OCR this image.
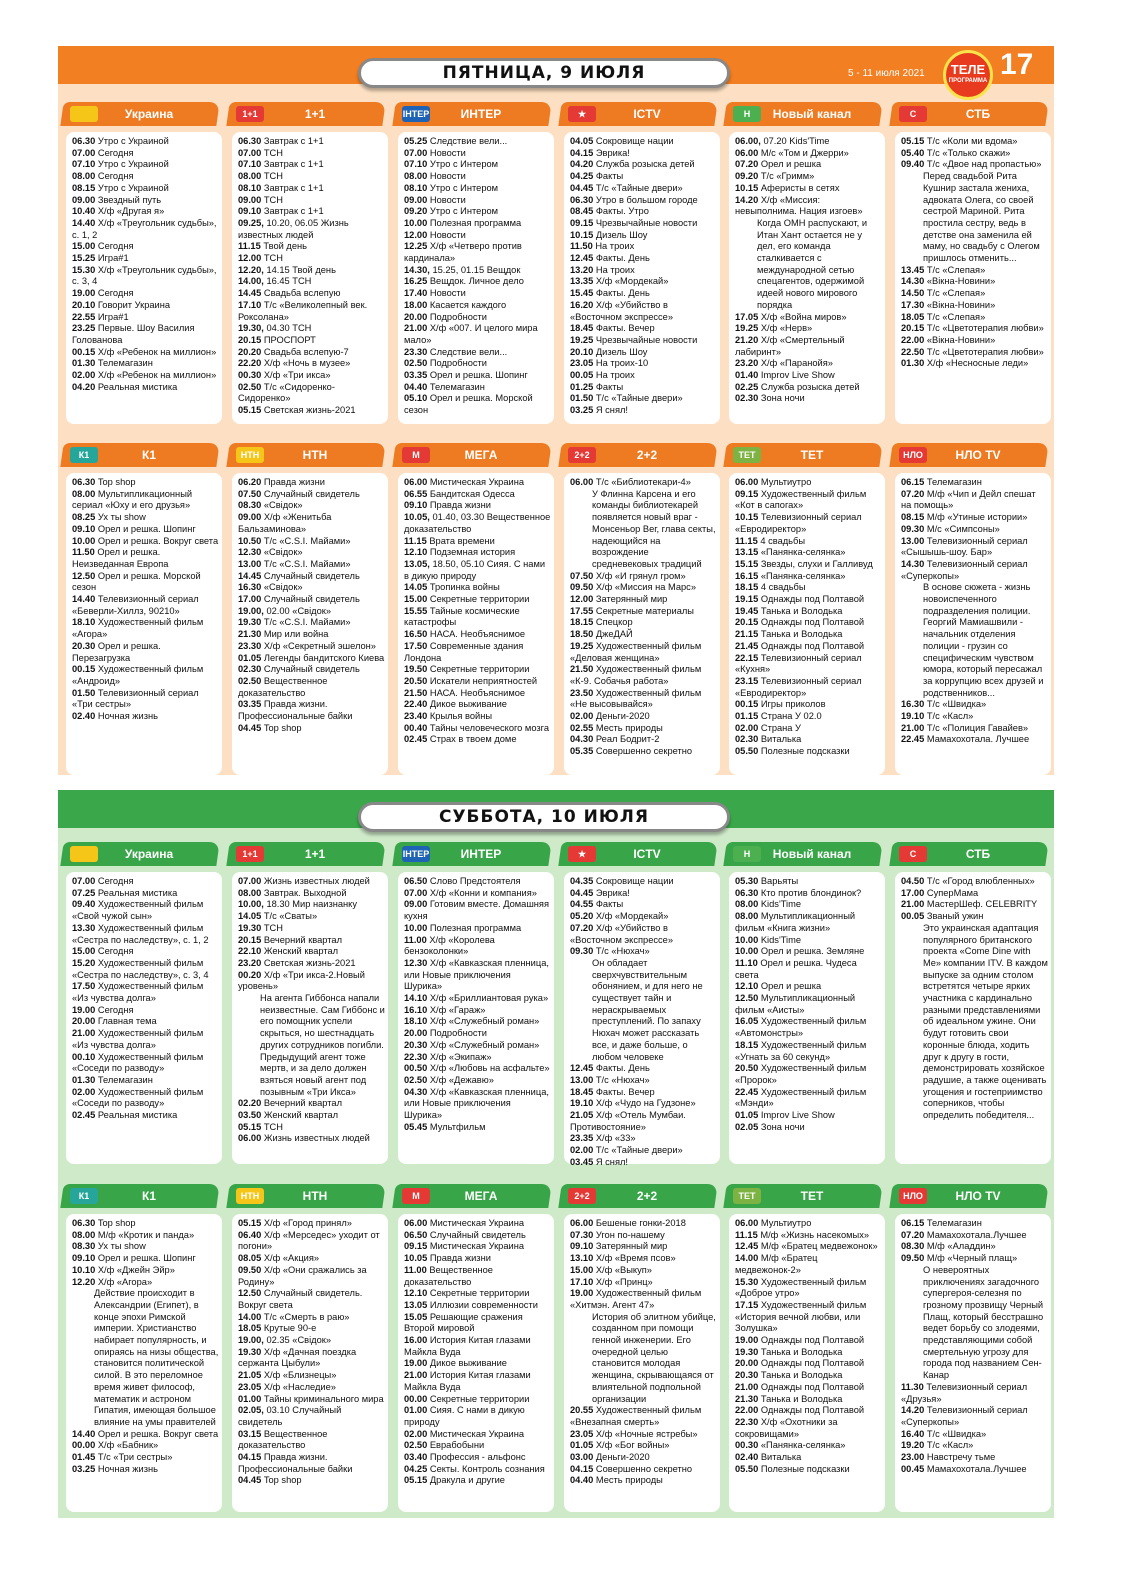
ПЯТНИЦА, 9 ИЮЛЯ	5 - 11 июля 2021	ТЕЛЕ
ПРОГРАММА 17
Украина
06.30 Утро с Украиной
07.00 Сегодня
07.10 Утро с Украиной
08.00 Сегодня
08.15 Утро с Украиной
09.00 Звездный путь
10.40 Х/ф «Другая я»
14.40 Х/ф «Треугольник судьбы», с. 1, 2
15.00 Сегодня
15.25 Игра#1
15.30 Х/ф «Треугольник судьбы», с. 3, 4
19.00 Сегодня
20.10 Говорит Украина
22.55 Игра#1
23.25 Первые. Шоу Василия Голованова
00.15 Х/ф «Ребенок на миллион»
01.30 Телемагазин
02.00 Х/ф «Ребенок на миллион»
04.20 Реальная мистика
1+1	1+1
06.30 Завтрак с 1+1
07.00 ТСН
07.10 Завтрак с 1+1
08.00 ТСН
08.10 Завтрак с 1+1
09.00 ТСН
09.10 Завтрак с 1+1
09.25, 10.20, 06.05 Жизнь известных людей
11.15 Твой день
12.00 ТСН
12.20, 14.15 Твой день
14.00, 16.45 ТСН
14.45 Свадьба вслепую
17.10 Т/с «Великолепный век. Роксолана»
19.30, 04.30 ТСН
20.15 ПРОСПОРТ
20.20 Свадьба вслепую-7
22.20 Х/ф «Ночь в музее»
00.30 Х/ф «Три икса»
02.50 Т/с «Сидоренко-Сидоренко»
05.15 Светская жизнь-2021
ІНТЕР	ИНТЕР
05.25 Следствие вели...
07.00 Новости
07.10 Утро с Интером
08.00 Новости
08.10 Утро с Интером
09.00 Новости
09.20 Утро с Интером
10.00 Полезная программа
12.00 Новости
12.25 Х/ф «Четверо против кардинала»
14.30, 15.25, 01.15 Вещдок
16.25 Вещдок. Личное дело
17.40 Новости
18.00 Касается каждого
20.00 Подробности
21.00 Х/ф «007. И целого мира мало»
23.30 Следствие вели...
02.50 Подробности
03.35 Орел и решка. Шопинг
04.40 Телемагазин
05.10 Орел и решка. Морской сезон
★	ICTV
04.05 Сокровище нации
04.15 Эврика!
04.20 Служба розыска детей
04.25 Факты
04.45 Т/с «Тайные двери»
06.30 Утро в большом городе
08.45 Факты. Утро
09.15 Чрезвычайные новости
10.15 Дизель Шоу
11.50 На троих
12.45 Факты. День
13.20 На троих
13.35 Х/ф «Мордекай»
15.45 Факты. День
16.20 Х/ф «Убийство в «Восточном экспрессе»
18.45 Факты. Вечер
19.25 Чрезвычайные новости
20.10 Дизель Шоу
23.05 На троих-10
00.05 На троих
01.25 Факты
01.50 Т/с «Тайные двери»
03.25 Я снял!
Н	Новый канал
06.00, 07.20 Kids'Time
06.00 М/с «Том и Джерри»
07.20 Орел и решка
09.20 Т/с «Гримм»
10.15 Аферисты в сетях
14.20 Х/ф «Миссия: невыполнима. Нация изгоев»
Когда ОМН распускают, и Итан Хант остается не у дел, его команда сталкивается с международной сетью спецагентов, одержимой идеей нового мирового порядка
17.05 Х/ф «Война миров»
19.25 Х/ф «Нерв»
21.20 Х/ф «Смертельный лабиринт»
23.20 Х/ф «Паранойя»
01.40 Improv Live Show
02.25 Служба розыска детей
02.30 Зона ночи
С	СТБ
05.15 Т/с «Коли ми вдома»
05.40 Т/с «Только скажи»
09.40 Т/с «Двое над пропастью»
Перед свадьбой Рита Кушнир застала жениха, адвоката Олега, со своей сестрой Мариной. Рита простила сестру, ведь в детстве она заменила ей маму, но свадьбу с Олегом пришлось отменить...
13.45 Т/с «Слепая»
14.30 «Вікна-Новини»
14.50 Т/с «Слепая»
17.30 «Вікна-Новини»
18.05 Т/с «Слепая»
20.15 Т/с «Цветотерапия любви»
22.00 «Вікна-Новини»
22.50 Т/с «Цветотерапия любви»
01.30 Х/ф «Несносные леди»
К1	К1
06.30 Top shop
08.00 Мультипликационный сериал «Юху и его друзья»
08.25 Ух ты show
09.10 Орел и решка. Шопинг
10.00 Орел и решка. Вокруг света
11.50 Орел и решка. Неизведанная Европа
12.50 Орел и решка. Морской сезон
14.40 Телевизионный сериал «Беверли-Хиллз, 90210»
18.10 Художественный фильм «Агора»
20.30 Орел и решка. Перезагрузка
00.15 Художественный фильм «Андроид»
01.50 Телевизионный сериал «Три сестры»
02.40 Ночная жизнь
НТН	НТН
06.20 Правда жизни
07.50 Случайный свидетель
08.30 «Свідок»
09.00 Х/ф «Женитьба Бальзаминова»
10.50 Т/с «C.S.I. Майами»
12.30 «Свідок»
13.00 Т/с «C.S.I. Майами»
14.45 Случайный свидетель
16.30 «Свідок»
17.00 Случайный свидетель
19.00, 02.00 «Свідок»
19.30 Т/с «C.S.I. Майами»
21.30 Мир или война
23.30 Х/ф «Секретный эшелон»
01.05 Легенды бандитского Киева
02.30 Случайный свидетель
02.50 Вещественное доказательство
03.35 Правда жизни. Профессиональные байки
04.45 Top shop
М	МЕГА
06.00 Мистическая Украина
06.55 Бандитская Одесса
09.10 Правда жизни
10.05, 01.40, 03.30 Вещественное доказательство
11.15 Врата времени
12.10 Подземная история
13.05, 18.50, 05.10 Сияя. С нами в дикую природу
14.05 Тропинка войны
15.00 Секретные территории
15.55 Тайные космические катастрофы
16.50 НАСА. Необъяснимое
17.50 Современные здания Лондона
19.50 Секретные территории
20.50 Искатели неприятностей
21.50 НАСА. Необъяснимое
22.40 Дикое выживание
23.40 Крылья войны
00.40 Тайны человеческого мозга
02.45 Страх в твоем доме
2+2	2+2
06.00 Т/с «Библиотекари-4»
У Флинна Карсена и его команды библиотекарей появляется новый враг - Монсеньор Вег, глава секты, надеющийся на возрождение средневековых традиций
07.50 Х/ф «И грянул гром»
09.50 Х/ф «Миссия на Марс»
12.00 Затерянный мир
17.55 Секретные материалы
18.15 Спецкор
18.50 ДжеДАЙ
19.25 Художественный фильм «Деловая женщина»
21.50 Художественный фильм «К-9. Собачья работа»
23.50 Художественный фильм «Не высовывайся»
02.00 Деньги-2020
02.55 Месть природы
04.30 Реал Бодрит-2
05.35 Совершенно секретно
ТЕТ	ТЕТ
06.00 Мультиутро
09.15 Художественный фильм «Кот в сапогах»
10.15 Телевизионный сериал «Евродиректор»
11.15 4 свадьбы
13.15 «Панянка-селянка»
15.15 Звезды, слухи и Галливуд
16.15 «Панянка-селянка»
18.15 4 свадьбы
19.15 Однажды под Полтавой
19.45 Танька и Володька
20.15 Однажды под Полтавой
21.15 Танька и Володька
21.45 Однажды под Полтавой
22.15 Телевизионный сериал «Кухня»
23.15 Телевизионный сериал «Евродиректор»
00.15 Игры приколов
01.15 Страна У 02.0
02.00 Страна У
02.30 Виталька
05.50 Полезные подсказки
НЛО	НЛО TV
06.15 Телемагазин
07.20 М/ф «Чип и Дейл спешат на помощь»
08.15 М/ф «Утиные истории»
09.30 М/с «Симпсоны»
13.00 Телевизионный сериал «Сышышь-шоу. Бар»
14.30 Телевизионный сериал «Суперкопы»
В основе сюжета - жизнь новоиспеченного подразделения полиции. Георгий Мамиашвили - начальник отделения полиции - грузин со специфическим чувством юмора, который пересажал за коррупцию всех друзей и родственников...
16.30 Т/с «Швидка»
19.10 Т/с «Касл»
21.00 Т/с «Полиция Гавайев»
22.45 Мамахохотала. Лучшее
СУББОТА, 10 ИЮЛЯ
Украина
07.00 Сегодня
07.25 Реальная мистика
09.40 Художественный фильм «Свой чужой сын»
13.30 Художественный фильм «Сестра по наследству», с. 1, 2
15.00 Сегодня
15.20 Художественный фильм «Сестра по наследству», с. 3, 4
17.50 Художественный фильм «Из чувства долга»
19.00 Сегодня
20.00 Главная тема
21.00 Художественный фильм «Из чувства долга»
00.10 Художественный фильм «Соседи по разводу»
01.30 Телемагазин
02.00 Художественный фильм «Соседи по разводу»
02.45 Реальная мистика
1+1	1+1
07.00 Жизнь известных людей
08.00 Завтрак. Выходной
10.00, 18.30 Мир наизнанку
14.05 Т/с «Сваты»
19.30 ТСН
20.15 Вечерний квартал
22.10 Женский квартал
23.20 Светская жизнь-2021
00.20 Х/ф «Три икса-2.Новый уровень»
На агента Гиббонса напали неизвестные. Сам Гиббонс и его помощник успели скрыться, но шестнадцать других сотрудников погибли. Предыдущий агент тоже мертв, и за дело должен взяться новый агент под позывным «Три Икса»
02.20 Вечерний квартал
03.50 Женский квартал
05.15 ТСН
06.00 Жизнь известных людей
ІНТЕР	ИНТЕР
06.50 Слово Предстоятеля
07.00 Х/ф «Конни и компания»
09.00 Готовим вместе. Домашняя кухня
10.00 Полезная программа
11.00 Х/ф «Королева бензоколонки»
12.30 Х/ф «Кавказская пленница, или Новые приключения Шурика»
14.10 Х/ф «Бриллиантовая рука»
16.10 Х/ф «Гараж»
18.10 Х/ф «Служебный роман»
20.00 Подробности
20.30 Х/ф «Служебный роман»
22.30 Х/ф «Экипаж»
00.50 Х/ф «Любовь на асфальте»
02.50 Х/ф «Дежавю»
04.30 Х/ф «Кавказская пленница, или Новые приключения Шурика»
05.45 Мультфильм
★	ICTV
04.35 Сокровище нации
04.45 Эврика!
04.55 Факты
05.20 Х/ф «Мордекай»
07.20 Х/ф «Убийство в «Восточном экспрессе»
09.30 Т/с «Нюхач»
Он обладает сверхчувствительным обонянием, и для него не существует тайн и нераскрываемых преступлений. По запаху Нюхач может рассказать все, и даже больше, о любом человеке
12.45 Факты. День
13.00 Т/с «Нюхач»
18.45 Факты. Вечер
19.10 Х/ф «Чудо на Гудзоне»
21.05 Х/ф «Отель Мумбаи. Противостояние»
23.35 Х/ф «33»
02.00 Т/с «Тайные двери»
03.45 Я снял!
Н	Новый канал
05.30 Варьяты
06.30 Кто против блондинок?
08.00 Kids'Time
08.00 Мультипликационный фильм «Книга жизни»
10.00 Kids'Time
10.00 Орел и решка. Земляне
11.10 Орел и решка. Чудеса света
12.10 Орел и решка
12.50 Мультипликационный фильм «Аисты»
16.05 Художественный фильм «Автомонстры»
18.15 Художественный фильм «Угнать за 60 секунд»
20.50 Художественный фильм «Пророк»
22.45 Художественный фильм «Мэнди»
01.05 Improv Live Show
02.05 Зона ночи
С	СТБ
04.50 Т/с «Город влюбленных»
17.00 СуперМама
21.00 МастерШеф. CELEBRITY
00.05 Званый ужин
Это украинская адаптация популярного британского проекта «Come Dine with Me» компании ITV. В каждом выпуске за одним столом встретятся четыре ярких участника с кардинально разными представлениями об идеальном ужине. Они будут готовить свои коронные блюда, ходить друг к другу в гости, демонстрировать хозяйское радушие, а также оценивать угощения и гостеприимство соперников, чтобы определить победителя...
К1	К1
06.30 Top shop
08.00 М/ф «Кротик и панда»
08.30 Ух ты show
09.10 Орел и решка. Шопинг
10.10 Х/ф «Джейн Эйр»
12.20 Х/ф «Агора»
Действие происходит в Александрии (Египет), в конце эпохи Римской империи. Христианство набирает популярность, и опираясь на низы общества, становится политической силой. В это переломное время живет философ, математик и астроном Гипатия, имеющая большое влияние на умы правителей
14.40 Орел и решка. Вокруг света
00.00 Х/ф «Бабник»
01.45 Т/с «Три сестры»
03.25 Ночная жизнь
НТН	НТН
05.15 Х/ф «Город принял»
06.40 Х/ф «Мерседес» уходит от погони»
08.05 Х/ф «Акция»
09.50 Х/ф «Они сражались за Родину»
12.50 Случайный свидетель. Вокруг света
14.00 Т/с «Смерть в раю»
18.05 Крутые 90-е
19.00, 02.35 «Свідок»
19.30 Х/ф «Дачная поездка сержанта Цыбули»
21.05 Х/ф «Близнецы»
23.05 Х/ф «Наследие»
01.00 Тайны криминального мира
02.05, 03.10 Случайный свидетель
03.15 Вещественное доказательство
04.15 Правда жизни. Профессиональные байки
04.45 Top shop
М	МЕГА
06.00 Мистическая Украина
06.50 Случайный свидетель
09.15 Мистическая Украина
10.05 Правда жизни
11.00 Вещественное доказательство
12.10 Секретные территории
13.05 Иллюзии современности
15.05 Решающие сражения Второй мировой
16.00 История Китая глазами Майкла Вуда
19.00 Дикое выживание
21.00 История Китая глазами Майкла Вуда
00.00 Секретные территории
01.00 Сияя. С нами в дикую природу
02.00 Мистическая Украина
02.50 Еврабобыни
03.40 Профессия - альфонс
04.25 Секты. Контроль сознания
05.15 Дракула и другие
2+2	2+2
06.00 Бешеные гонки-2018
07.30 Угон по-нашему
09.10 Затерянный мир
13.10 Х/ф «Время псов»
15.00 Х/ф «Выкуп»
17.10 Х/ф «Принц»
19.00 Художественный фильм «Хитмэн. Агент 47»
История об элитном убийце, созданном при помощи генной инженерии. Его очередной целью становится молодая женщина, скрывающаяся от влиятельной подпольной организации
20.55 Художественный фильм «Внезапная смерть»
23.05 Х/ф «Ночные ястребы»
01.05 Х/ф «Бог войны»
03.00 Деньги-2020
04.15 Совершенно секретно
04.40 Месть природы
ТЕТ	ТЕТ
06.00 Мультиутро
11.15 М/ф «Жизнь насекомых»
12.45 М/ф «Братец медвежонок»
14.00 М/ф «Братец медвежонок-2»
15.30 Художественный фильм «Доброе утро»
17.15 Художественный фильм «История вечной любви, или Золушка»
19.00 Однажды под Полтавой
19.30 Танька и Володька
20.00 Однажды под Полтавой
20.30 Танька и Володька
21.00 Однажды под Полтавой
21.30 Танька и Володька
22.00 Однажды под Полтавой
22.30 Х/ф «Охотники за сокровищами»
00.30 «Панянка-селянка»
02.40 Виталька
05.50 Полезные подсказки
НЛО	НЛО TV
06.15 Телемагазин
07.20 Мамахохотала.Лучшее
08.30 М/ф «Аладдин»
09.50 М/ф «Черный плащ»
О невероятных приключениях загадочного супергероя-селезня по грозному прозвищу Черный Плащ, который бесстрашно ведет борьбу со злодеями, представляющими собой смертельную угрозу для города под названием Сен-Канар
11.30 Телевизионный сериал «Друзья»
14.20 Телевизионный сериал «Суперкопы»
16.40 Т/с «Швидка»
19.20 Т/с «Касл»
23.00 Навстречу тьме
00.45 Мамахохотала.Лучшее
